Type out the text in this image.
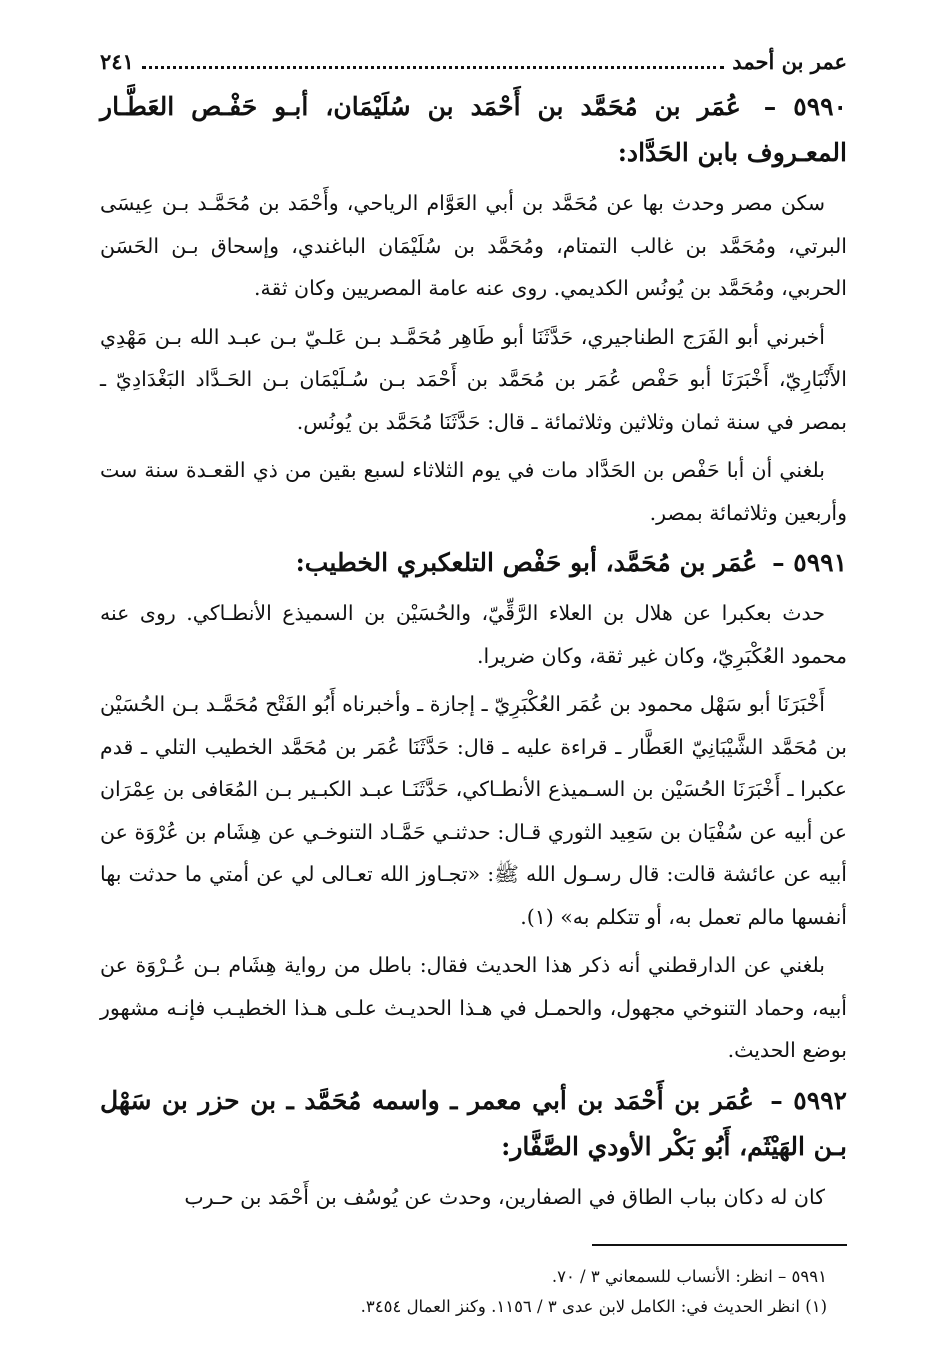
عمر بن أحمد
٢٤١
٥٩٩٠ – عُمَر بن مُحَمَّد بن أَحْمَد بن سُلَيْمَان، أبـو حَفْـص العَطَّـار المعـروف بابن الحَدَّاد:

سكن مصر وحدث بها عن مُحَمَّد بن أبي العَوَّام الرياحي، وأَحْمَد بن مُحَمَّـد بـن عِيسَى البرتي، ومُحَمَّد بن غالب التمتام، ومُحَمَّد بن سُلَيْمَان الباغندي، وإسحاق بـن الحَسَن الحربي، ومُحَمَّد بن يُونُس الكديمي. روى عنه عامة المصريين وكان ثقة.

أخبرني أبو الفَرَج الطناجيري، حَدَّثَنَا أبو طَاهِر مُحَمَّـد بـن عَلـيّ بـن عبـد الله بـن مَهْدِي الأَنْبَارِيّ، أَخْبَرَنَا أبو حَفْص عُمَر بن مُحَمَّد بن أَحْمَد بـن سُـلَيْمَان بـن الحَـدَّاد البَغْدَادِيّ ـ بمصر في سنة ثمان وثلاثين وثلاثمائة ـ قال: حَدَّثَنَا مُحَمَّد بن يُونُس.

بلغني أن أبا حَفْص بن الحَدَّاد مات في يوم الثلاثاء لسبع بقين من ذي القعـدة سنة ست وأربعين وثلاثمائة بمصر.

٥٩٩١ – عُمَر بن مُحَمَّد، أبو حَفْص التلعكبري الخطيب:

حدث بعكبرا عن هلال بن العلاء الرَّقِّيّ، والحُسَيْن بن السميذع الأنطـاكي. روى عنه محمود العُكْبَرِيّ، وكان غير ثقة، وكان ضريرا.

أَخْبَرَنَا أبو سَهْل محمود بن عُمَر العُكْبَرِيّ ـ إجازة ـ وأخبرناه أَبُو الفَتْح مُحَمَّـد بـن الحُسَيْن بن مُحَمَّد الشَّيْبَانِيّ العَطَّار ـ قراءة عليه ـ قال: حَدَّثَنَا عُمَر بن مُحَمَّد الخطيب التلي ـ قدم عكبرا ـ أَخْبَرَنَا الحُسَيْن بن السـميذع الأنطـاكي، حَدَّثَنَـا عبـد الكبـير بـن المُعَافى بن عِمْرَان عن أبيه عن سُفْيَان بن سَعِيد الثوري قـال: حدثنـي حَمَّـاد التنوخـي عن هِشَام بن عُرْوَة عن أبيه عن عائشة قالت: قال رسـول الله ﷺ: «تجـاوز الله تعـالى لي عن أمتي ما حدثت بها أنفسها مالم تعمل به، أو تتكلم به» (١).

بلغني عن الدارقطني أنه ذكر هذا الحديث فقال: باطل من رواية هِشَام بـن عُـرْوَة عن أبيه، وحماد التنوخي مجهول، والحمـل في هـذا الحديـث علـى هـذا الخطيـب فإنـه مشهور بوضع الحديث.

٥٩٩٢ – عُمَر بن أَحْمَد بن أبي معمر ـ واسمه مُحَمَّد ـ بن حزر بن سَهْل بـن الهَيْثَم، أَبُو بَكْر الأودي الصَّفَّار:

كان له دكان بباب الطاق في الصفارين، وحدث عن يُوسُف بن أَحْمَد بن حـرب

٥٩٩١ – انظر: الأنساب للسمعاني ٣ / ٧٠.
(١) انظر الحديث في: الكامل لابن عدى ٣ / ١١٥٦. وكنز العمال ٣٤٥٤.
